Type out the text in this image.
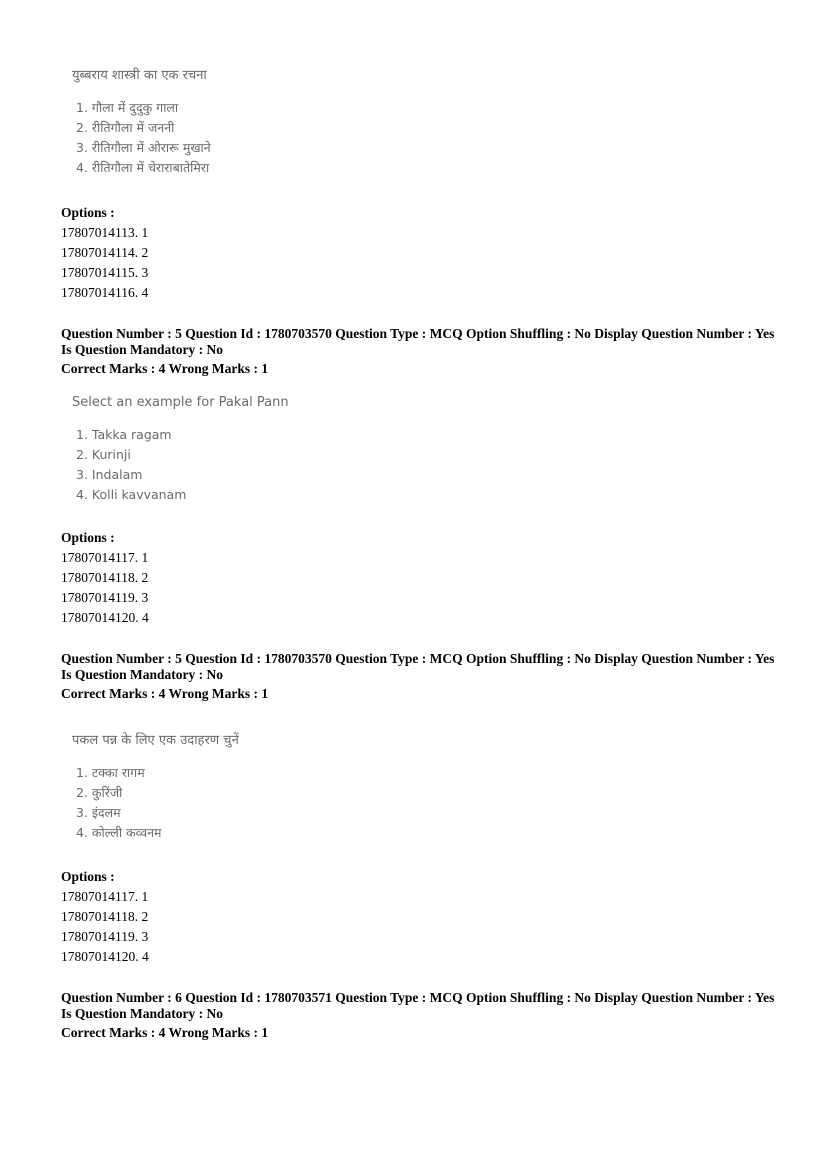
युब्बराय शास्त्री का एक रचना
1. गौला में दुदुकु गाला
2. रीतिगौला में जननी
3. रीतिगौला में ओरारू मुखाने
4. रीतिगौला में चेराराबातेमिरा
Options :
17807014113. 1
17807014114. 2
17807014115. 3
17807014116. 4
Question Number : 5 Question Id : 1780703570 Question Type : MCQ Option Shuffling : No Display Question Number : Yes
Is Question Mandatory : No
Correct Marks : 4 Wrong Marks : 1
Select an example for Pakal Pann
1. Takka ragam
2. Kurinji
3. Indalam
4. Kolli kavvanam
Options :
17807014117. 1
17807014118. 2
17807014119. 3
17807014120. 4
Question Number : 5 Question Id : 1780703570 Question Type : MCQ Option Shuffling : No Display Question Number : Yes
Is Question Mandatory : No
Correct Marks : 4 Wrong Marks : 1
पकल पन्न के लिए एक उदाहरण चुनें
1. टक्का रागम
2. कुरिंजी
3. इंदलम
4. कोल्ली कव्वनम
Options :
17807014117. 1
17807014118. 2
17807014119. 3
17807014120. 4
Question Number : 6 Question Id : 1780703571 Question Type : MCQ Option Shuffling : No Display Question Number : Yes
Is Question Mandatory : No
Correct Marks : 4 Wrong Marks : 1
